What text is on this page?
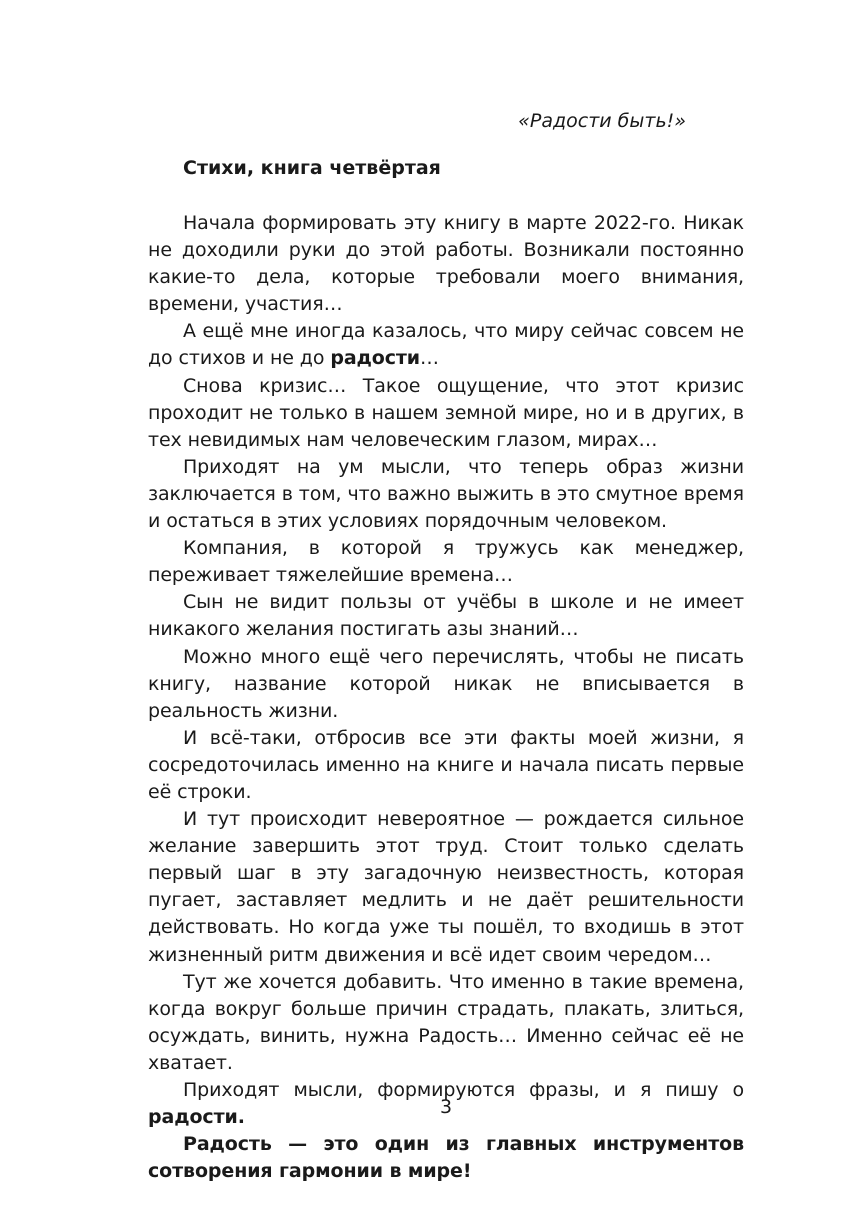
«Радости быть!»
Стихи, книга четвёртая

Начала формировать эту книгу в марте 2022-го. Никак не доходили руки до этой работы. Возникали постоянно какие-то дела, которые требовали моего внимания, времени, участия…

А ещё мне иногда казалось, что миру сейчас совсем не до стихов и не до радости…

Снова кризис… Такое ощущение, что этот кризис проходит не только в нашем земной мире, но и в других, в тех невидимых нам человеческим глазом, мирах…

Приходят на ум мысли, что теперь образ жизни заключается в том, что важно выжить в это смутное время и остаться в этих условиях порядочным человеком.

Компания, в которой я тружусь как менеджер, переживает тяжелейшие времена…

Сын не видит пользы от учёбы в школе и не имеет никакого желания постигать азы знаний…

Можно много ещё чего перечислять, чтобы не писать книгу, название которой никак не вписывается в реальность жизни.

И всё-таки, отбросив все эти факты моей жизни, я сосредоточилась именно на книге и начала писать первые её строки.

И тут происходит невероятное — рождается сильное желание завершить этот труд. Стоит только сделать первый шаг в эту загадочную неизвестность, которая пугает, заставляет медлить и не даёт решительности действовать. Но когда уже ты пошёл, то входишь в этот жизненный ритм движения и всё идет своим чередом…

Тут же хочется добавить. Что именно в такие времена, когда вокруг больше причин страдать, плакать, злиться, осуждать, винить, нужна Радость… Именно сейчас её не хватает.

Приходят мысли, формируются фразы, и я пишу о радости.

Радость — это один из главных инструментов сотворения гармонии в мире!

3
